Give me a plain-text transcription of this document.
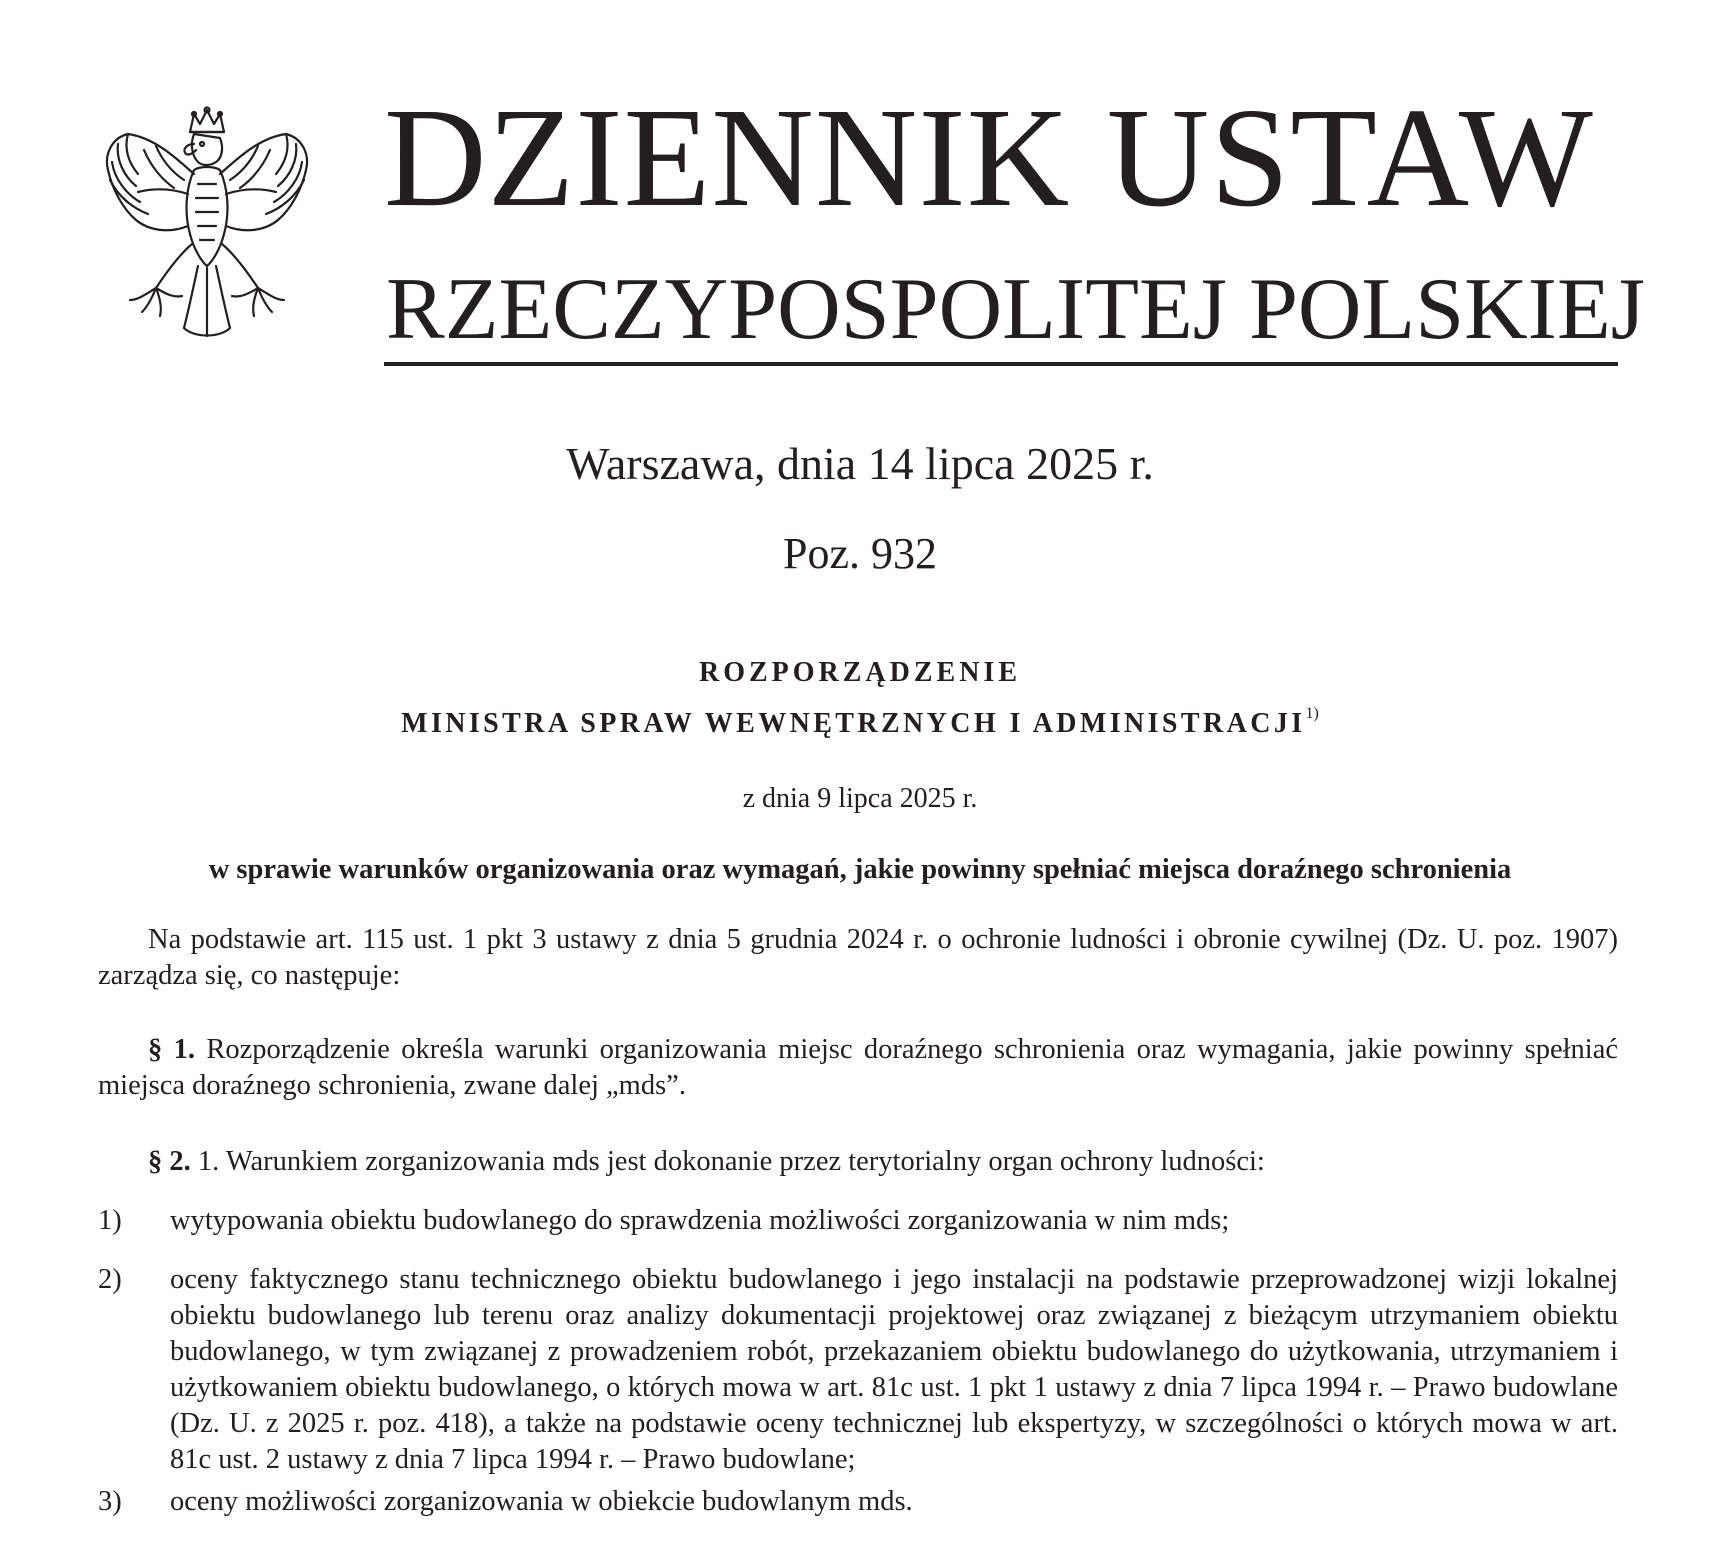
DZIENNIK USTAW
RZECZYPOSPOLITEJ POLSKIEJ
Warszawa, dnia 14 lipca 2025 r.
Poz. 932
ROZPORZĄDZENIE
MINISTRA SPRAW WEWNĘTRZNYCH I ADMINISTRACJI$^{1)}$
z dnia 9 lipca 2025 r.
w sprawie warunków organizowania oraz wymagań, jakie powinny spełniać miejsca doraźnego schronienia

Na podstawie art. 115 ust. 1 pkt 3 ustawy z dnia 5 grudnia 2024 r. o ochronie ludności i obronie cywilnej (Dz. U. poz. 1907) zarządza się, co następuje:

§ 1. Rozporządzenie określa warunki organizowania miejsc doraźnego schronienia oraz wymagania, jakie powinny spełniać miejsca doraźnego schronienia, zwane dalej „mds”.

§ 2. 1. Warunkiem zorganizowania mds jest dokonanie przez terytorialny organ ochrony ludności:

1) wytypowania obiektu budowlanego do sprawdzenia możliwości zorganizowania w nim mds;
2) oceny faktycznego stanu technicznego obiektu budowlanego i jego instalacji na podstawie przeprowadzonej wizji lokalnej obiektu budowlanego lub terenu oraz analizy dokumentacji projektowej oraz związanej z bieżącym utrzymaniem obiektu budowlanego, w tym związanej z prowadzeniem robót, przekazaniem obiektu budowlanego do użytkowania, utrzymaniem i użytkowaniem obiektu budowlanego, o których mowa w art. 81c ust. 1 pkt 1 ustawy z dnia 7 lipca 1994 r. – Prawo budowlane (Dz. U. z 2025 r. poz. 418), a także na podstawie oceny technicznej lub ekspertyzy, w szczególności o których mowa w art. 81c ust. 2 ustawy z dnia 7 lipca 1994 r. – Prawo budowlane;
3) oceny możliwości zorganizowania w obiekcie budowlanym mds.
